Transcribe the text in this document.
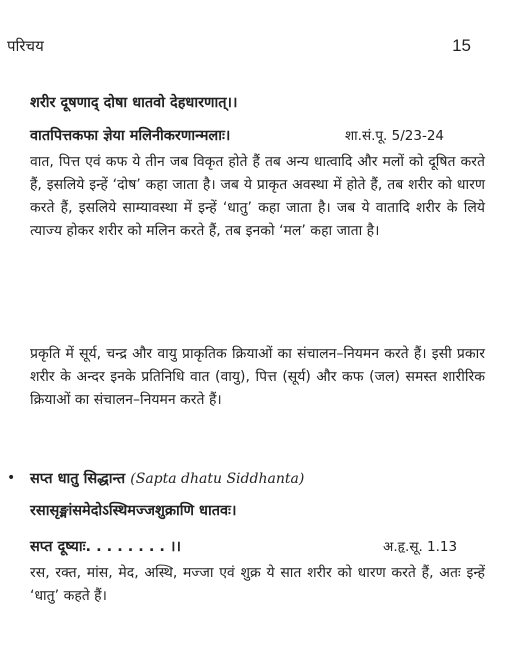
परिचय	15
शरीर दूषणाद् दोषा धातवो देहधारणात्।।
वातपित्तकफा ज्ञेया मलिनीकरणान्मलाः।	शा.सं.पू. 5/23-24
वात, पित्त एवं कफ ये तीन जब विकृत होते हैं तब अन्य धात्वादि और मलों को दूषित करते हैं, इसलिये इन्हें ‘दोष’ कहा जाता है। जब ये प्राकृत अवस्था में होते हैं, तब शरीर को धारण करते हैं, इसलिये साम्यावस्था में इन्हें ‘धातु’ कहा जाता है। जब ये वातादि शरीर के लिये त्याज्य होकर शरीर को मलिन करते हैं, तब इनको ‘मल’ कहा जाता है।
प्रकृति में सूर्य, चन्द्र और वायु प्राकृतिक क्रियाओं का संचालन–नियमन करते हैं। इसी प्रकार शरीर के अन्दर इनके प्रतिनिधि वात (वायु), पित्त (सूर्य) और कफ (जल) समस्त शारीरिक क्रियाओं का संचालन–नियमन करते हैं।
• सप्त धातु सिद्धान्त (Sapta dhatu Siddhanta)
रसासृङ्मांसमेदोऽस्थिमज्जशुक्राणि धातवः।
सप्त दूष्याः. . . . . . . . ।।	अ.हृ.सू. 1.13
रस, रक्त, मांस, मेद, अस्थि, मज्जा एवं शुक्र ये सात शरीर को धारण करते हैं, अतः इन्हें ‘धातु’ कहते हैं।
